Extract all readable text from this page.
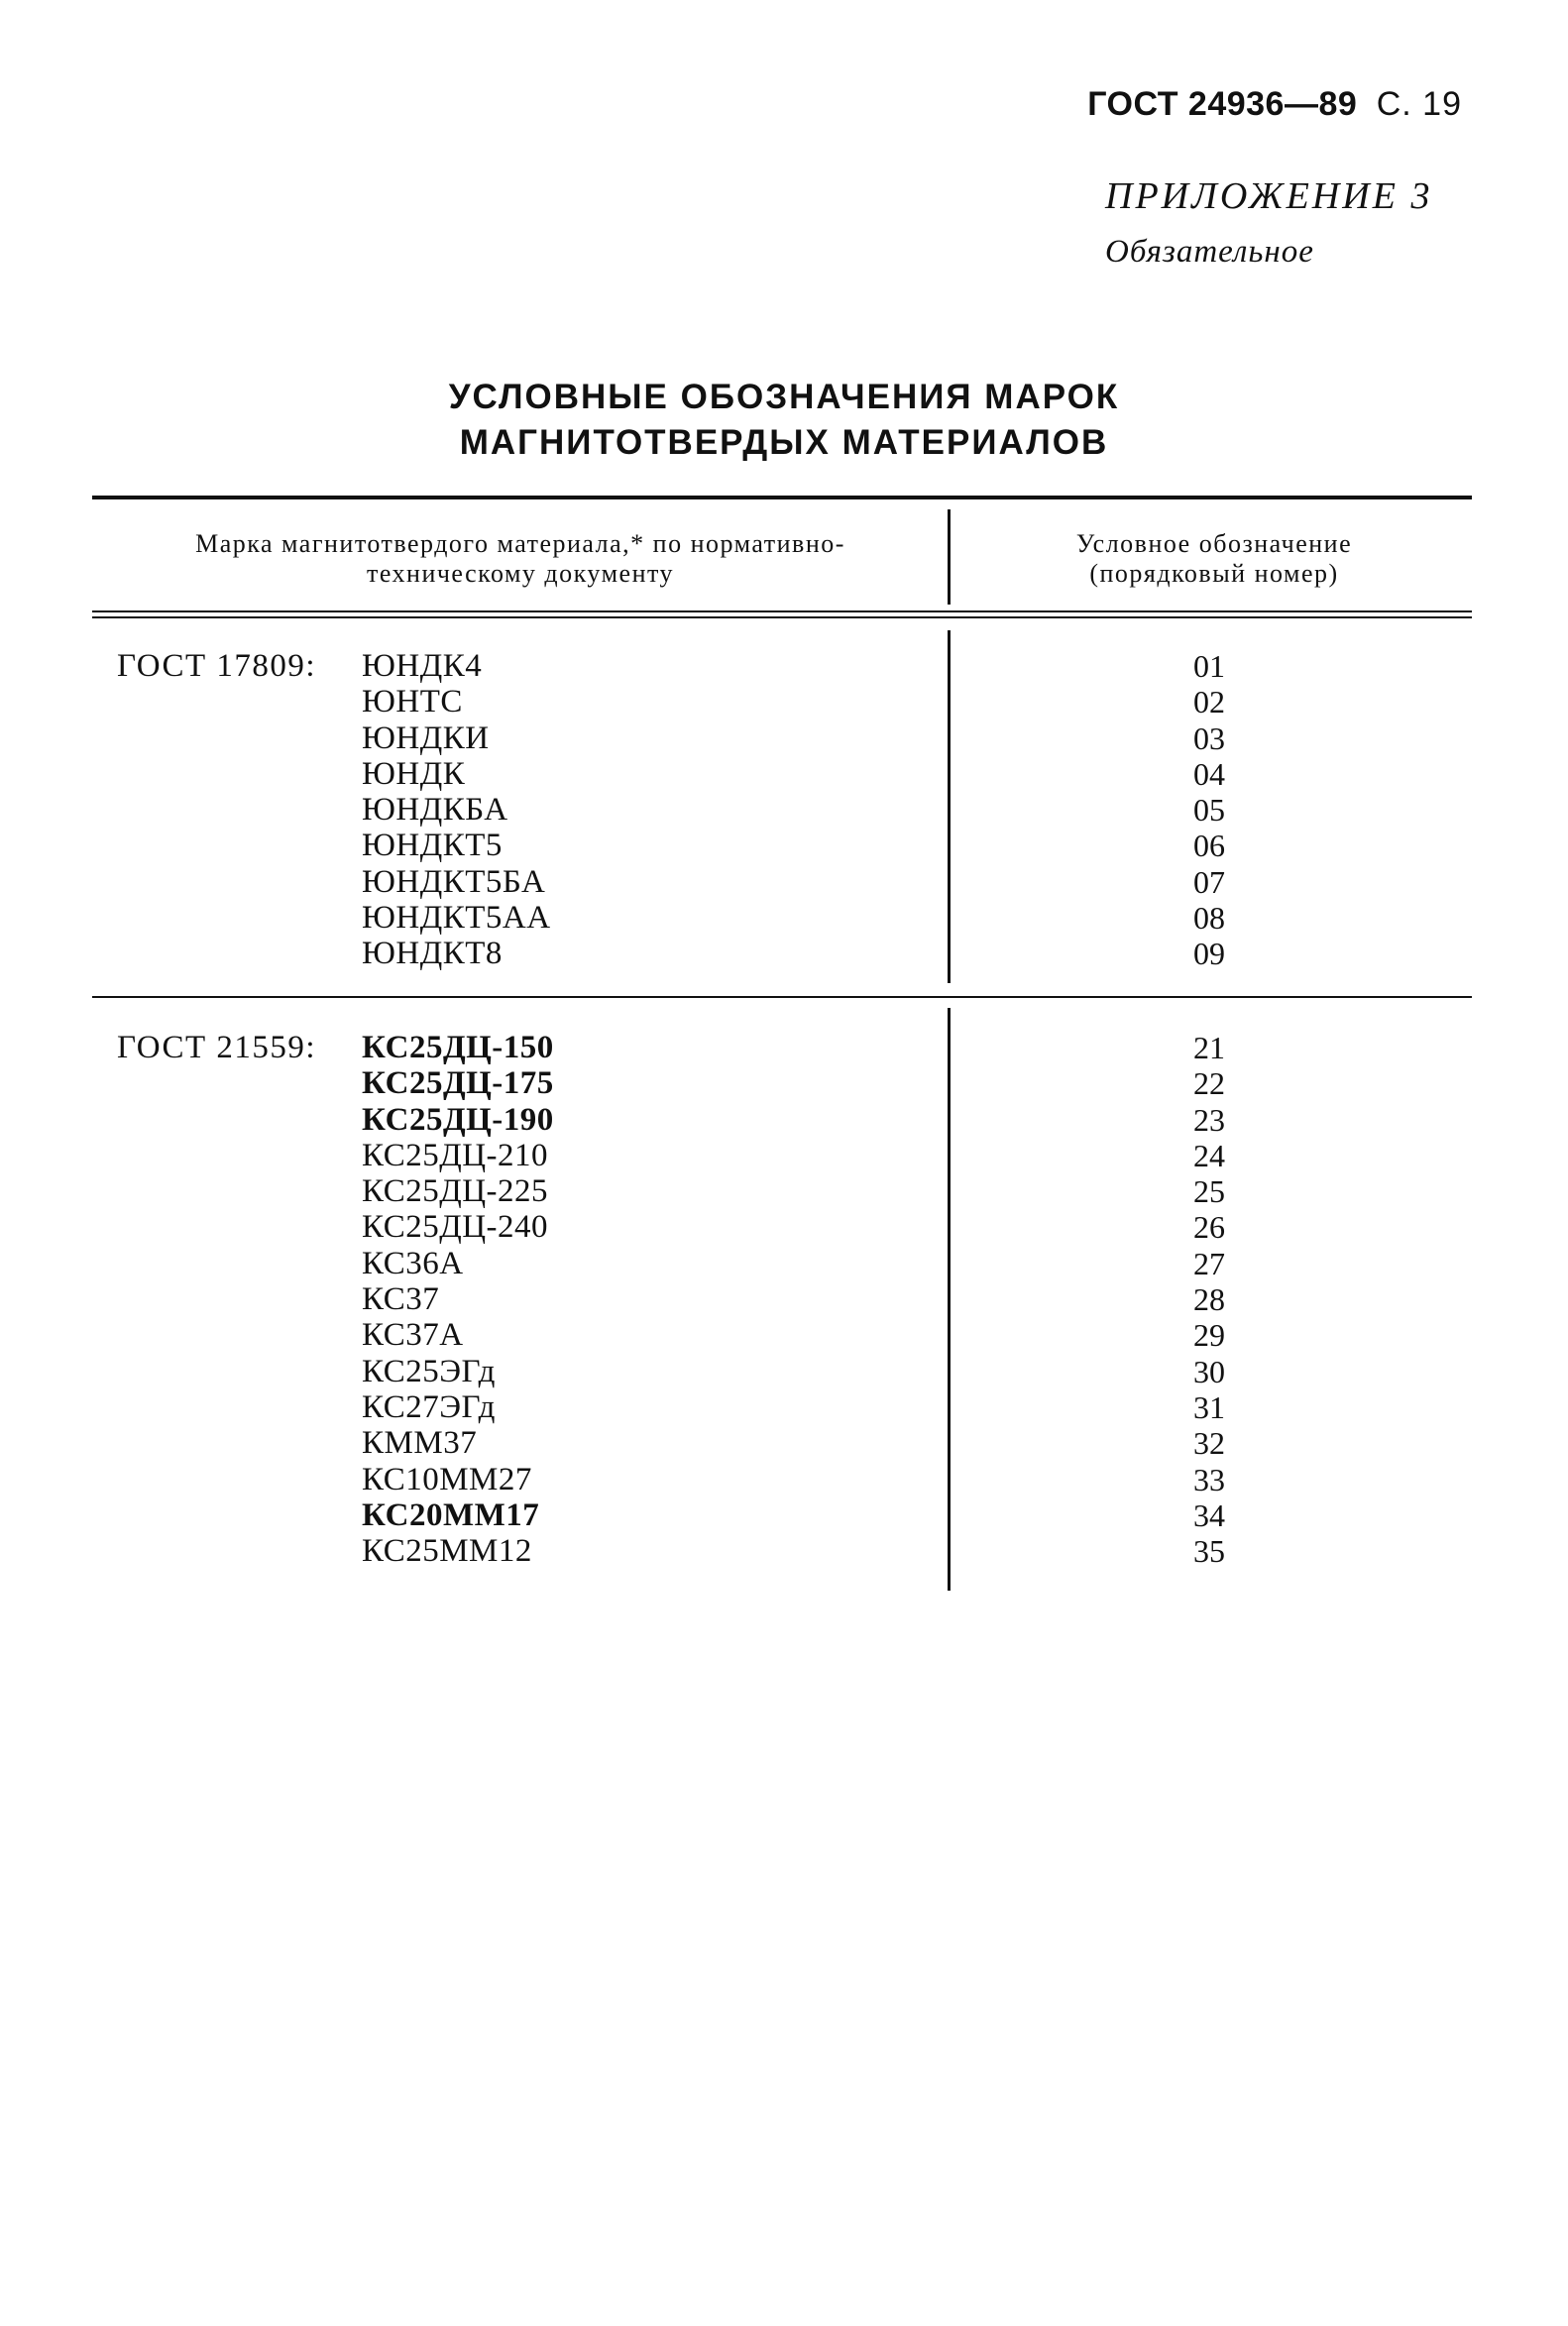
ГОСТ 24936—89 С. 19
ПРИЛОЖЕНИЕ 3
Обязательное
УСЛОВНЫЕ ОБОЗНАЧЕНИЯ МАРОК
МАГНИТОТВЕРДЫХ МАТЕРИАЛОВ
Марка магнитотвердого материала,* по нормативно-
техническому документу
Условное обозначение
(порядковый номер)
ГОСТ 17809: ЮНДК4	01
ЮНТС	02
ЮНДКИ	03
ЮНДК	04
ЮНДКБА	05
ЮНДКТ5	06
ЮНДКТ5БА	07
ЮНДКТ5АА	08
ЮНДКТ8	09
ГОСТ 21559: КС25ДЦ-150	21
КС25ДЦ-175	22
КС25ДЦ-190	23
КС25ДЦ-210	24
КС25ДЦ-225	25
КС25ДЦ-240	26
КС36А	27
КС37	28
КС37А	29
КС25ЭГд	30
КС27ЭГд	31
КММ37	32
КС10ММ27	33
КС20ММ17	34
КС25ММ12	35
